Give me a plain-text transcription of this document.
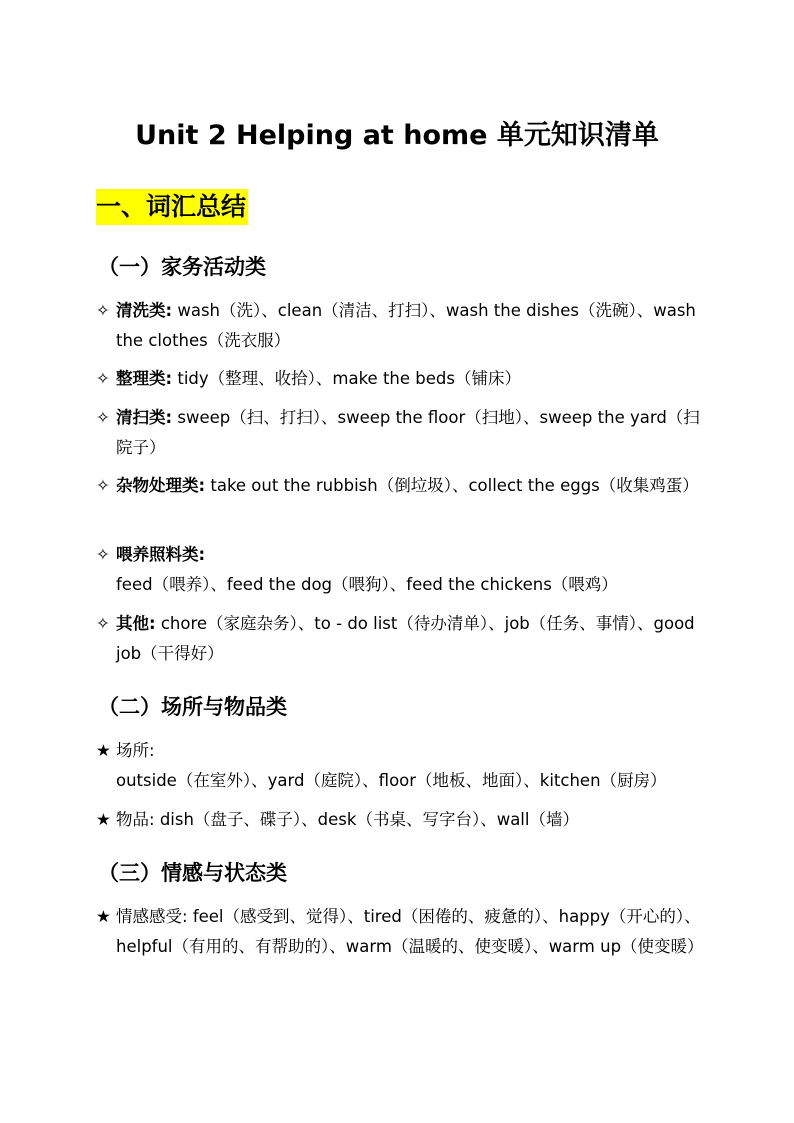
Unit 2 Helping at home 单元知识清单
一、词汇总结
（一）家务活动类
✧ 清洗类: wash（洗）、clean（清洁、打扫）、wash the dishes（洗碗）、wash the clothes（洗衣服）
✧ 整理类: tidy（整理、收拾）、make the beds（铺床）
✧ 清扫类: sweep（扫、打扫）、sweep the floor（扫地）、sweep the yard（扫院子）
✧ 杂物处理类: take out the rubbish（倒垃圾）、collect the eggs（收集鸡蛋）
✧ 喂养照料类: feed（喂养）、feed the dog（喂狗）、feed the chickens（喂鸡）
✧ 其他: chore（家庭杂务）、to - do list（待办清单）、job（任务、事情）、good job（干得好）
（二）场所与物品类
★ 场所: outside（在室外）、yard（庭院）、floor（地板、地面）、kitchen（厨房）
★ 物品: dish（盘子、碟子）、desk（书桌、写字台）、wall（墙）
（三）情感与状态类
★ 情感感受: feel（感受到、觉得）、tired（困倦的、疲惫的）、happy（开心的）、helpful（有用的、有帮助的）、warm（温暖的、使变暖）、warm up（使变暖）
